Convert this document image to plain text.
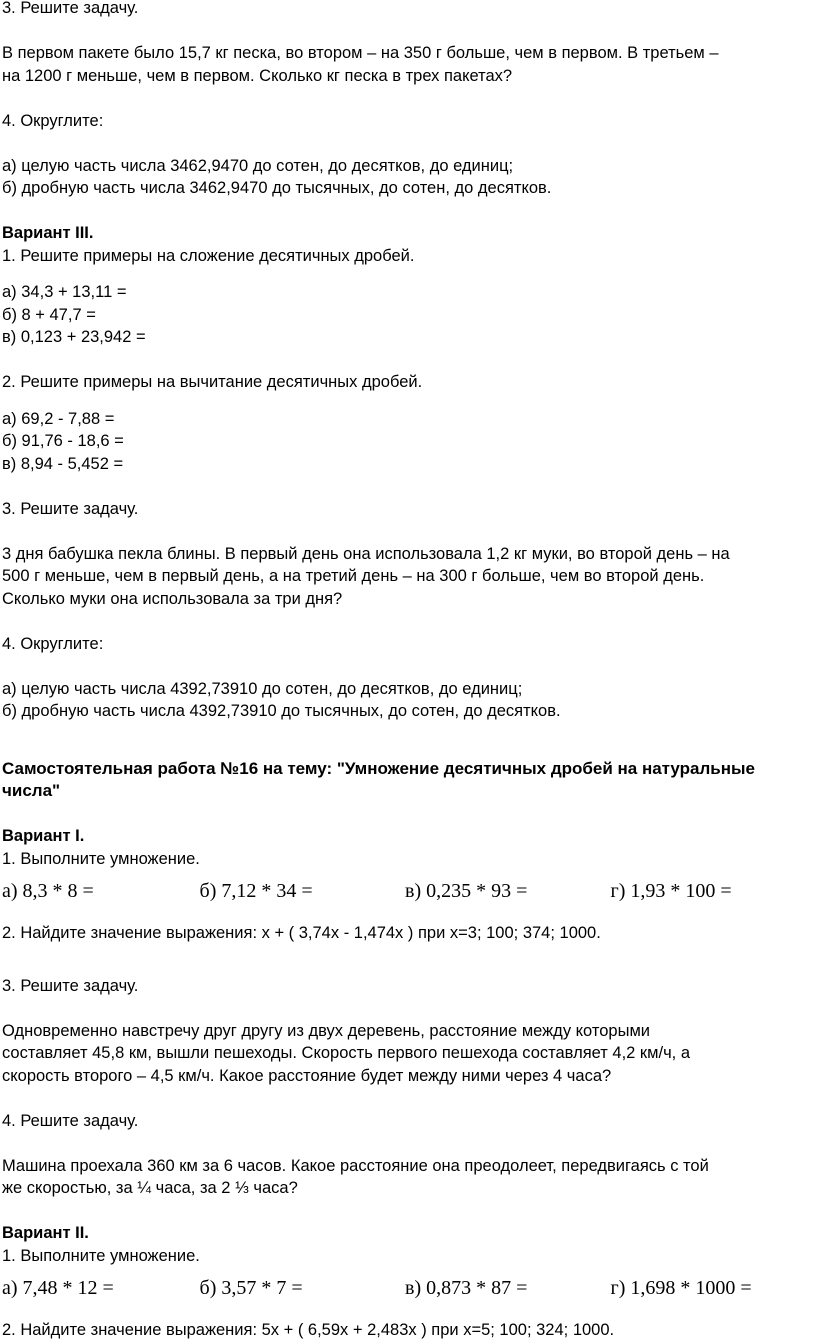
3. Решите задачу.
В первом пакете было 15,7 кг песка, во втором – на 350 г больше, чем в первом. В третьем –
на 1200 г меньше, чем в первом. Сколько кг песка в трех пакетах?
4. Округлите:
а) целую часть числа 3462,9470 до сотен, до десятков, до единиц;
б) дробную часть числа 3462,9470 до тысячных, до сотен, до десятков.
Вариант III.
1. Решите примеры на сложение десятичных дробей.
а) 34,3 + 13,11 =
б) 8 + 47,7 =
в) 0,123 + 23,942 =
2. Решите примеры на вычитание десятичных дробей.
а) 69,2 - 7,88 =
б) 91,76 - 18,6 =
в) 8,94 - 5,452 =
3. Решите задачу.
3 дня бабушка пекла блины. В первый день она использовала 1,2 кг муки, во второй день – на
500 г меньше, чем в первый день, а на третий день – на 300 г больше, чем во второй день.
Сколько муки она использовала за три дня?
4. Округлите:
а) целую часть числа 4392,73910 до сотен, до десятков, до единиц;
б) дробную часть числа 4392,73910 до тысячных, до сотен, до десятков.
Самостоятельная работа №16 на тему: "Умножение десятичных дробей на натуральные
числа"
Вариант I.
1. Выполните умножение.
а) 8,3 * 8 =	б) 7,12 * 34 =	в) 0,235 * 93 =	г) 1,93 * 100 =
2. Найдите значение выражения: x + ( 3,74x - 1,474x ) при x=3; 100; 374; 1000.
3. Решите задачу.
Одновременно навстречу друг другу из двух деревень, расстояние между которыми
составляет 45,8 км, вышли пешеходы. Скорость первого пешехода составляет 4,2 км/ч, а
скорость второго – 4,5 км/ч. Какое расстояние будет между ними через 4 часа?
4. Решите задачу.
Машина проехала 360 км за 6 часов. Какое расстояние она преодолеет, передвигаясь с той
же скоростью, за ¼ часа, за 2 ⅓ часа?
Вариант II.
1. Выполните умножение.
а) 7,48 * 12 =	б) 3,57 * 7 =	в) 0,873 * 87 =	г) 1,698 * 1000 =
2. Найдите значение выражения: 5x + ( 6,59x + 2,483x ) при x=5; 100; 324; 1000.
